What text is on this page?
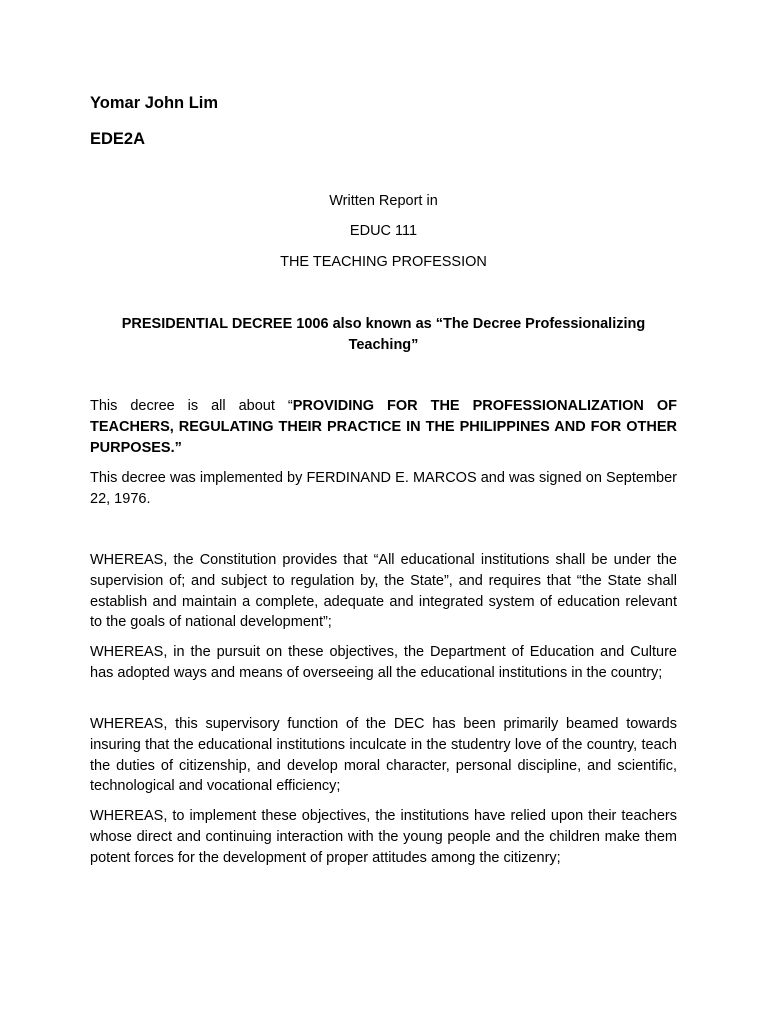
Yomar John Lim
EDE2A
Written Report in
EDUC 111
THE TEACHING PROFESSION
PRESIDENTIAL DECREE 1006 also known as “The Decree Professionalizing Teaching”

This decree is all about “PROVIDING FOR THE PROFESSIONALIZATION OF TEACHERS, REGULATING THEIR PRACTICE IN THE PHILIPPINES AND FOR OTHER PURPOSES.”

This decree was implemented by FERDINAND E. MARCOS and was signed on September 22, 1976.

WHEREAS, the Constitution provides that “All educational institutions shall be under the supervision of; and subject to regulation by, the State”, and requires that “the State shall establish and maintain a complete, adequate and integrated system of education relevant to the goals of national development”;

WHEREAS, in the pursuit on these objectives, the Department of Education and Culture has adopted ways and means of overseeing all the educational institutions in the country;

WHEREAS, this supervisory function of the DEC has been primarily beamed towards insuring that the educational institutions inculcate in the studentry love of the country, teach the duties of citizenship, and develop moral character, personal discipline, and scientific, technological and vocational efficiency;

WHEREAS, to implement these objectives, the institutions have relied upon their teachers whose direct and continuing interaction with the young people and the children make them potent forces for the development of proper attitudes among the citizenry;
